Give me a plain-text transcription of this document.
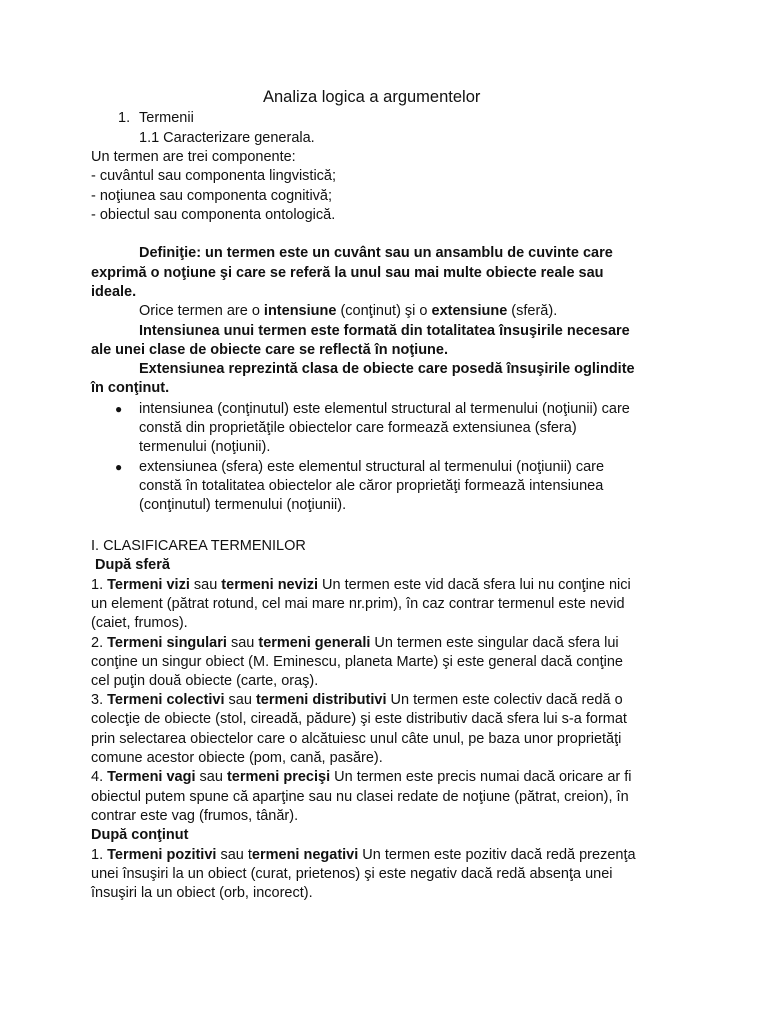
Analiza logica a argumentelor
1. Termenii
1.1 Caracterizare generala.
Un termen are trei componente:
- cuvântul sau componenta lingvistică;
- noţiunea sau componenta cognitivă;
- obiectul sau componenta ontologică.
Definiţie: un termen este un cuvânt sau un ansamblu de cuvinte care
exprimă o noţiune şi care se referă la unul sau mai multe obiecte reale sau
ideale.
Orice termen are o intensiune (conţinut) şi o extensiune (sferă).
Intensiunea unui termen este formată din totalitatea însuşirile necesare
ale unei clase de obiecte care se reflectă în noţiune.
Extensiunea reprezintă clasa de obiecte care posedă însuşirile oglindite
în conţinut.
● intensiunea (conţinutul) este elementul structural al termenului (noţiunii) care
constă din proprietăţile obiectelor care formează extensiunea (sfera)
termenului (noţiunii).
● extensiunea (sfera) este elementul structural al termenului (noţiunii) care
constă în totalitatea obiectelor ale căror proprietăţi formează intensiunea
(conţinutul) termenului (noţiunii).
I. CLASIFICAREA TERMENILOR
După sferă
1. Termeni vizi sau termeni nevizi Un termen este vid dacă sfera lui nu conţine nici
un element (pătrat rotund, cel mai mare nr.prim), în caz contrar termenul este nevid
(caiet, frumos).
2. Termeni singulari sau termeni generali Un termen este singular dacă sfera lui
conţine un singur obiect (M. Eminescu, planeta Marte) şi este general dacă conţine
cel puţin două obiecte (carte, oraş).
3. Termeni colectivi sau termeni distributivi Un termen este colectiv dacă redă o
colecţie de obiecte (stol, cireadă, pădure) şi este distributiv dacă sfera lui s-a format
prin selectarea obiectelor care o alcătuiesc unul câte unul, pe baza unor proprietăţi
comune acestor obiecte (pom, cană, pasăre).
4. Termeni vagi sau termeni precişi Un termen este precis numai dacă oricare ar fi
obiectul putem spune că aparţine sau nu clasei redate de noţiune (pătrat, creion), în
contrar este vag (frumos, tânăr).
După conţinut
1. Termeni pozitivi sau termeni negativi Un termen este pozitiv dacă redă prezenţa
unei însuşiri la un obiect (curat, prietenos) şi este negativ dacă redă absenţa unei
însuşiri la un obiect (orb, incorect).
